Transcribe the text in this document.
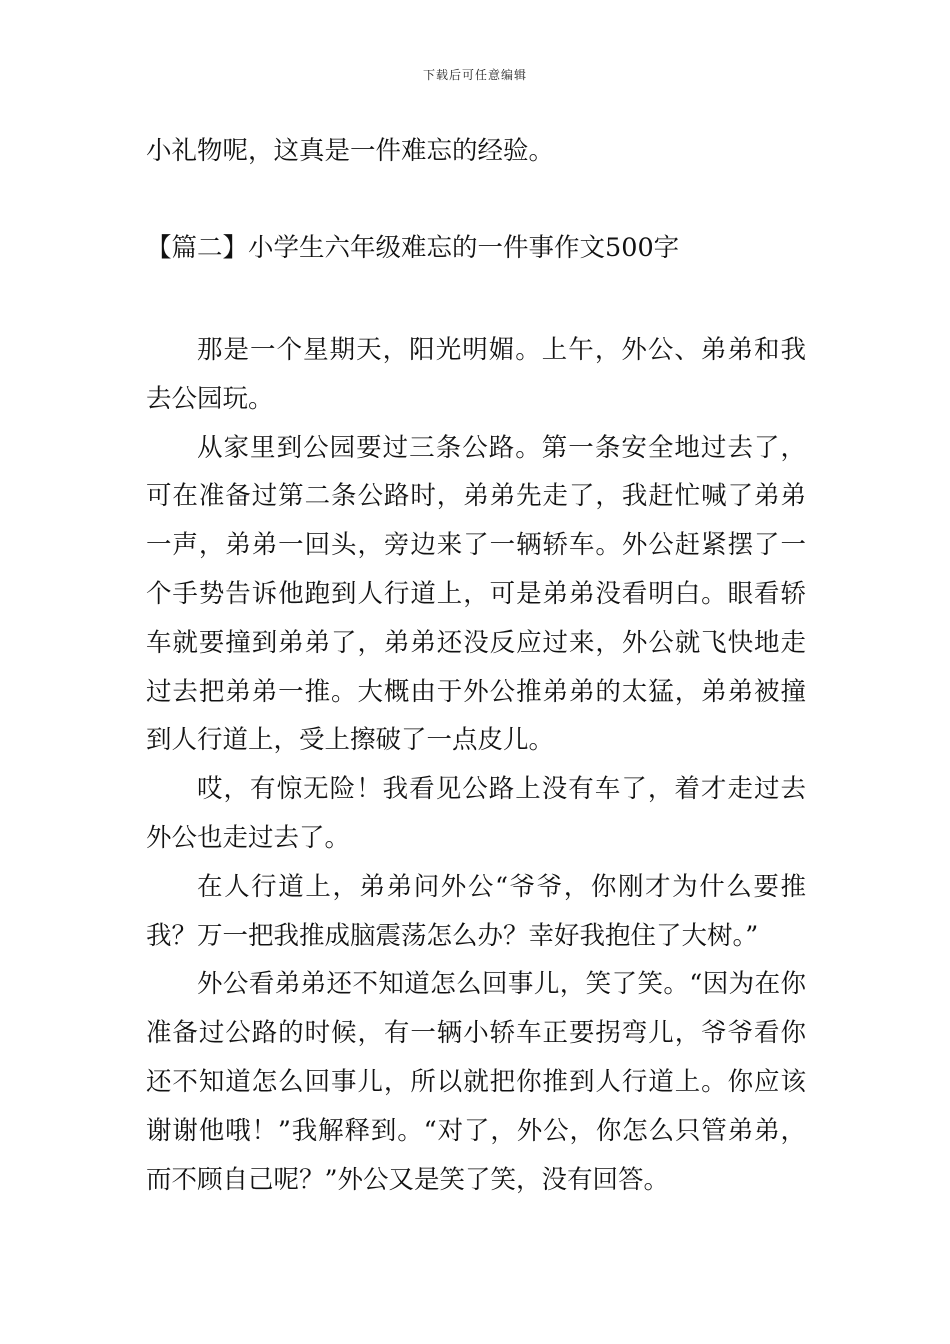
下载后可任意编辑

小礼物呢，这真是一件难忘的经验。

【篇二】小学生六年级难忘的一件事作文500字

那是一个星期天，阳光明媚。上午，外公、弟弟和我去公园玩。

从家里到公园要过三条公路。第一条安全地过去了，可在准备过第二条公路时，弟弟先走了，我赶忙喊了弟弟一声，弟弟一回头，旁边来了一辆轿车。外公赶紧摆了一个手势告诉他跑到人行道上，可是弟弟没看明白。眼看轿车就要撞到弟弟了，弟弟还没反应过来，外公就飞快地走过去把弟弟一推。大概由于外公推弟弟的太猛，弟弟被撞到人行道上，受上擦破了一点皮儿。

哎，有惊无险！我看见公路上没有车了，着才走过去外公也走过去了。

在人行道上，弟弟问外公“爷爷，你刚才为什么要推我？万一把我推成脑震荡怎么办？幸好我抱住了大树。”

外公看弟弟还不知道怎么回事儿，笑了笑。“因为在你准备过公路的时候，有一辆小轿车正要拐弯儿，爷爷看你还不知道怎么回事儿，所以就把你推到人行道上。你应该谢谢他哦！”我解释到。“对了，外公，你怎么只管弟弟，而不顾自己呢？”外公又是笑了笑，没有回答。
